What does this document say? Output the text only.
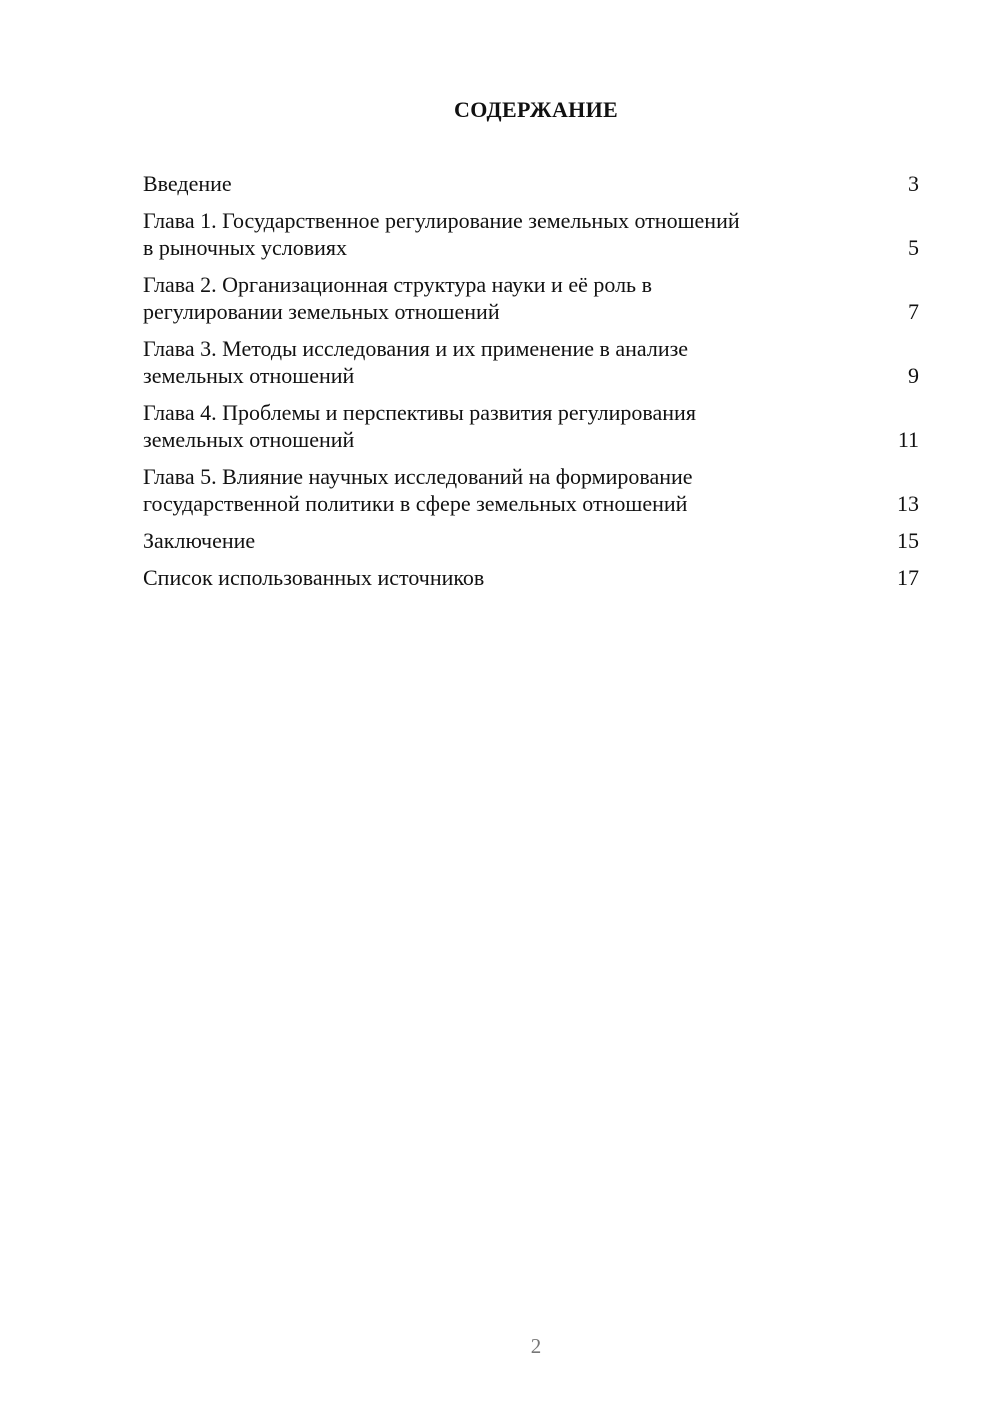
СОДЕРЖАНИЕ
Введение	3
Глава 1. Государственное регулирование земельных отношений
в рыночных условиях	5
Глава 2. Организационная структура науки и её роль в
регулировании земельных отношений	7
Глава 3. Методы исследования и их применение в анализе
земельных отношений	9
Глава 4. Проблемы и перспективы развития регулирования
земельных отношений	11
Глава 5. Влияние научных исследований на формирование
государственной политики в сфере земельных отношений	13
Заключение	15
Список использованных источников	17

2
